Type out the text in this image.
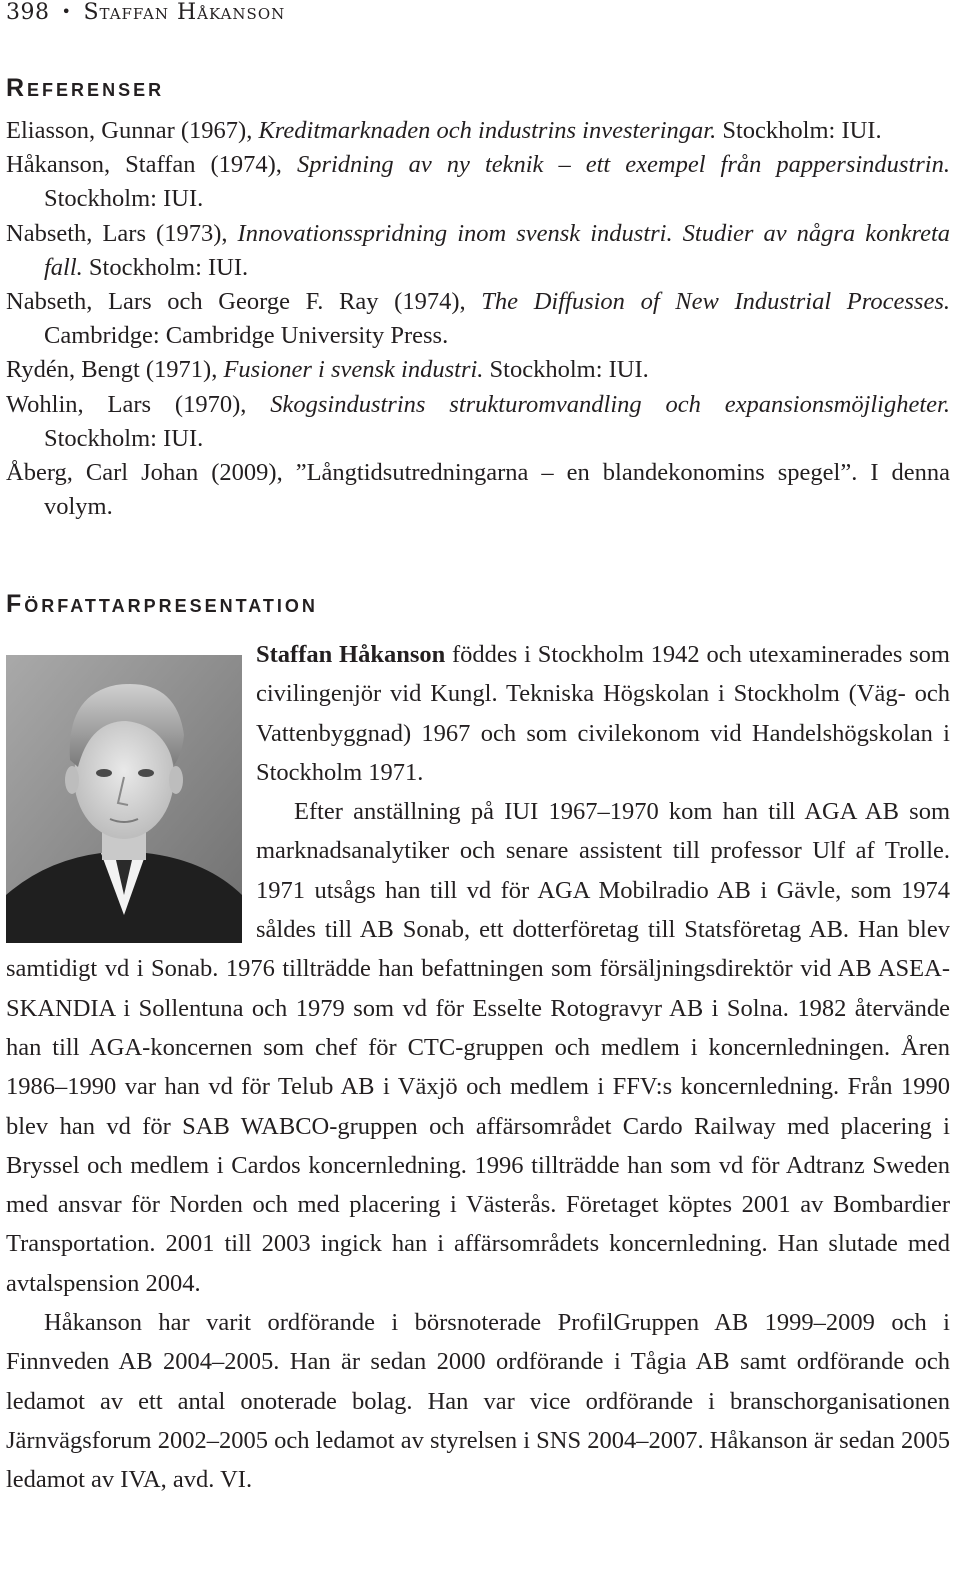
398 • Staffan Håkanson
Referenser
Eliasson, Gunnar (1967), Kreditmarknaden och industrins investeringar. Stockholm: IUI.
Håkanson, Staffan (1974), Spridning av ny teknik – ett exempel från pappersindustrin. Stockholm: IUI.
Nabseth, Lars (1973), Innovationsspridning inom svensk industri. Studier av några konkreta fall. Stockholm: IUI.
Nabseth, Lars och George F. Ray (1974), The Diffusion of New Industrial Processes. Cambridge: Cambridge University Press.
Rydén, Bengt (1971), Fusioner i svensk industri. Stockholm: IUI.
Wohlin, Lars (1970), Skogsindustrins strukturomvandling och expansionsmöjligheter. Stockholm: IUI.
Åberg, Carl Johan (2009), ”Långtidsutredningarna – en blandekonomins spegel”. I denna volym.
Författarpresentation

Staffan Håkanson föddes i Stockholm 1942 och utexaminerades som civilingenjör vid Kungl. Tekniska Högskolan i Stockholm (Väg- och Vattenbyggnad) 1967 och som civilekonom vid Handelshögskolan i Stockholm 1971.

Efter anställning på IUI 1967–1970 kom han till AGA AB som marknadsanalytiker och senare assistent till professor Ulf af Trolle. 1971 utsågs han till vd för AGA Mobilradio AB i Gävle, som 1974 såldes till AB Sonab, ett dotterföretag till Statsföretag AB. Han blev samtidigt vd i Sonab. 1976 tillträdde han befattningen som försäljningsdirektör vid AB ASEA-SKANDIA i Sollentuna och 1979 som vd för Esselte Rotogravyr AB i Solna. 1982 återvände han till AGA-koncernen som chef för CTC-gruppen och medlem i koncernledningen. Åren 1986–1990 var han vd för Telub AB i Växjö och medlem i FFV:s koncernledning. Från 1990 blev han vd för SAB WABCO-gruppen och affärsområdet Cardo Railway med placering i Bryssel och medlem i Cardos koncernledning. 1996 tillträdde han som vd för Adtranz Sweden med ansvar för Norden och med placering i Västerås. Företaget köptes 2001 av Bombardier Transportation. 2001 till 2003 ingick han i affärsområdets koncernledning. Han slutade med avtalspension 2004.

Håkanson har varit ordförande i börsnoterade ProfilGruppen AB 1999–2009 och i Finnveden AB 2004–2005. Han är sedan 2000 ordförande i Tågia AB samt ordförande och ledamot av ett antal onoterade bolag. Han var vice ordförande i branschorganisationen Järnvägsforum 2002–2005 och ledamot av styrelsen i SNS 2004–2007. Håkanson är sedan 2005 ledamot av IVA, avd. VI.
